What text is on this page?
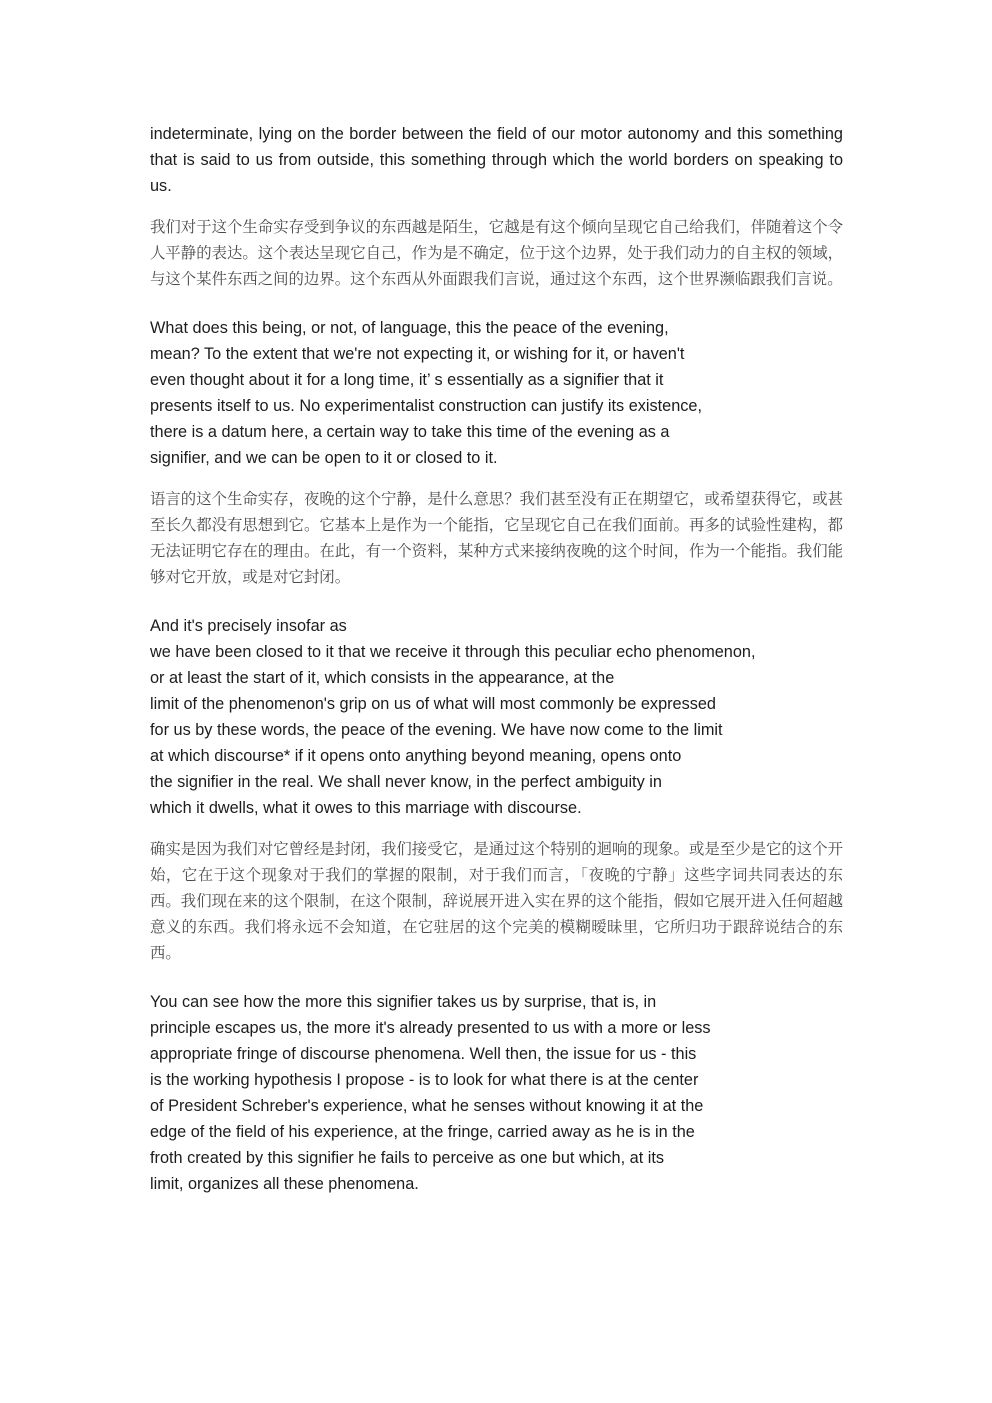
indeterminate, lying on the border between the field of our motor autonomy and this something that is said to us from outside, this something through which the world borders on speaking to us.

我们对于这个生命实存受到争议的东西越是陌生，它越是有这个倾向呈现它自己给我们，伴随着这个令人平静的表达。这个表达呈现它自己，作为是不确定，位于这个边界，处于我们动力的自主权的领域，与这个某件东西之间的边界。这个东西从外面跟我们言说，通过这个东西，这个世界濒临跟我们言说。

What does this being, or not, of language, this the peace of the evening,
mean? To the extent that we're not expecting it, or wishing for it, or haven't
even thought about it for a long time, it’ s essentially as a signifier that it
presents itself to us. No experimentalist construction can justify its existence,
there is a datum here, a certain way to take this time of the evening as a
signifier, and we can be open to it or closed to it.

语言的这个生命实存，夜晚的这个宁静，是什么意思？我们甚至没有正在期望它，或希望获得它，或甚至长久都没有思想到它。它基本上是作为一个能指，它呈现它自己在我们面前。再多的试验性建构，都无法证明它存在的理由。在此，有一个资料，某种方式来接纳夜晚的这个时间，作为一个能指。我们能够对它开放，或是对它封闭。

And it's precisely insofar as
we have been closed to it that we receive it through this peculiar echo phenomenon,
or at least the start of it, which consists in the appearance, at the
limit of the phenomenon's grip on us of what will most commonly be expressed
for us by these words, the peace of the evening. We have now come to the limit
at which discourse* if it opens onto anything beyond meaning, opens onto
the signifier in the real. We shall never know, in the perfect ambiguity in
which it dwells, what it owes to this marriage with discourse.

确实是因为我们对它曾经是封闭，我们接受它，是通过这个特别的迴响的现象。或是至少是它的这个开始，它在于这个现象对于我们的掌握的限制，对于我们而言，「夜晚的宁静」这些字词共同表达的东西。我们现在来的这个限制，在这个限制，辞说展开进入实在界的这个能指，假如它展开进入任何超越意义的东西。我们将永远不会知道，在它驻居的这个完美的模糊暧昧里，它所归功于跟辞说结合的东西。

You can see how the more this signifier takes us by surprise, that is, in
principle escapes us, the more it's already presented to us with a more or less
appropriate fringe of discourse phenomena. Well then, the issue for us - this
is the working hypothesis I propose - is to look for what there is at the center
of President Schreber's experience, what he senses without knowing it at the
edge of the field of his experience, at the fringe, carried away as he is in the
froth created by this signifier he fails to perceive as one but which, at its
limit, organizes all these phenomena.
